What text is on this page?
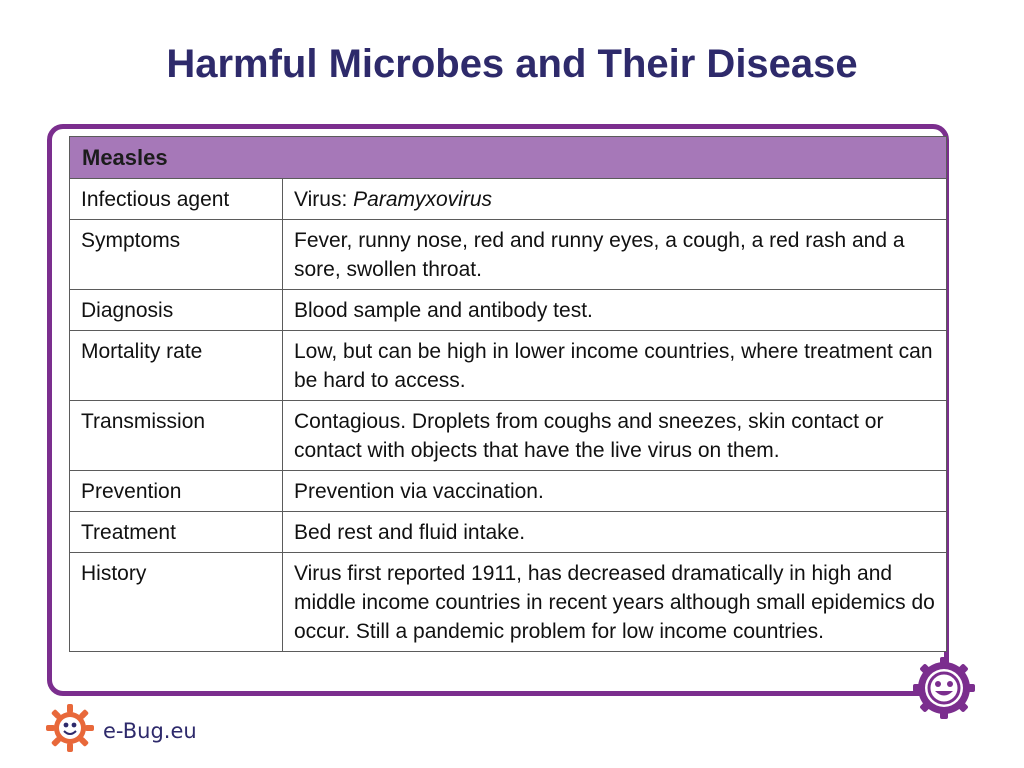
Harmful Microbes and Their Disease
Measles	
Infectious agent	Virus: Paramyxovirus
Symptoms	Fever, runny nose, red and runny eyes, a cough, a red rash and a sore, swollen throat.
Diagnosis	Blood sample and antibody test.
Mortality rate	Low, but can be high in lower income countries, where treatment can be hard to access.
Transmission	Contagious. Droplets from coughs and sneezes, skin contact or contact with objects that have the live virus on them.
Prevention	Prevention via vaccination.
Treatment	Bed rest and fluid intake.
History	Virus first reported 1911, has decreased dramatically in high and middle income countries in recent years although small epidemics do occur. Still a pandemic problem for low income countries.
e-Bug.eu
